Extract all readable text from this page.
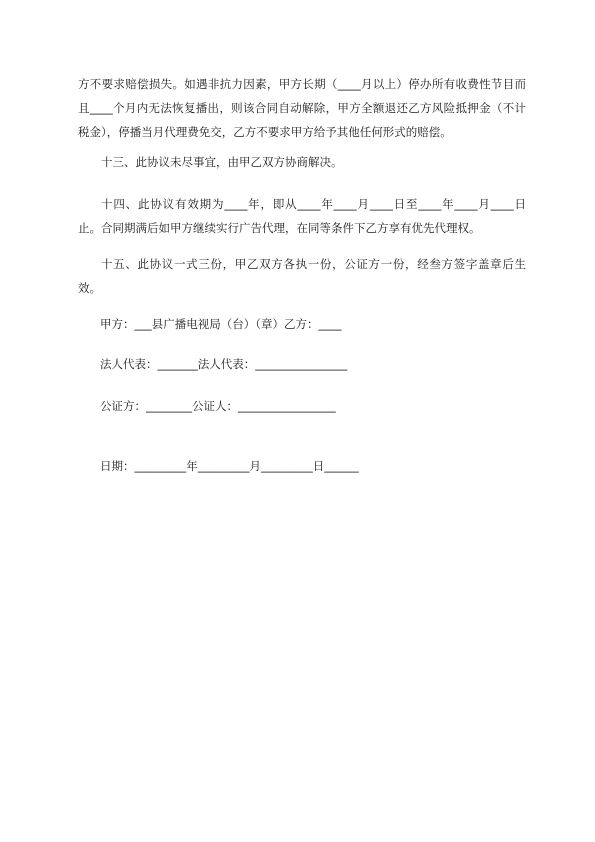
方不要求赔偿损失。如遇非抗力因素，甲方长期（____月以上）停办所有收费性节目而且____个月内无法恢复播出，则该合同自动解除，甲方全额退还乙方风险抵押金（不计税金），停播当月代理费免交，乙方不要求甲方给予其他任何形式的赔偿。

十三、此协议未尽事宜，由甲乙双方协商解决。

十四、此协议有效期为____年，即从____年____月____日至____年____月____日止。合同期满后如甲方继续实行广告代理，在同等条件下乙方享有优先代理权。

十五、此协议一式三份，甲乙双方各执一份，公证方一份，经叁方签字盖章后生效。

甲方：___县广播电视局（台）（章）乙方：____

法人代表：_______法人代表：________________

公证方：________公证人：_________________

日期：_________年_________月_________日______
